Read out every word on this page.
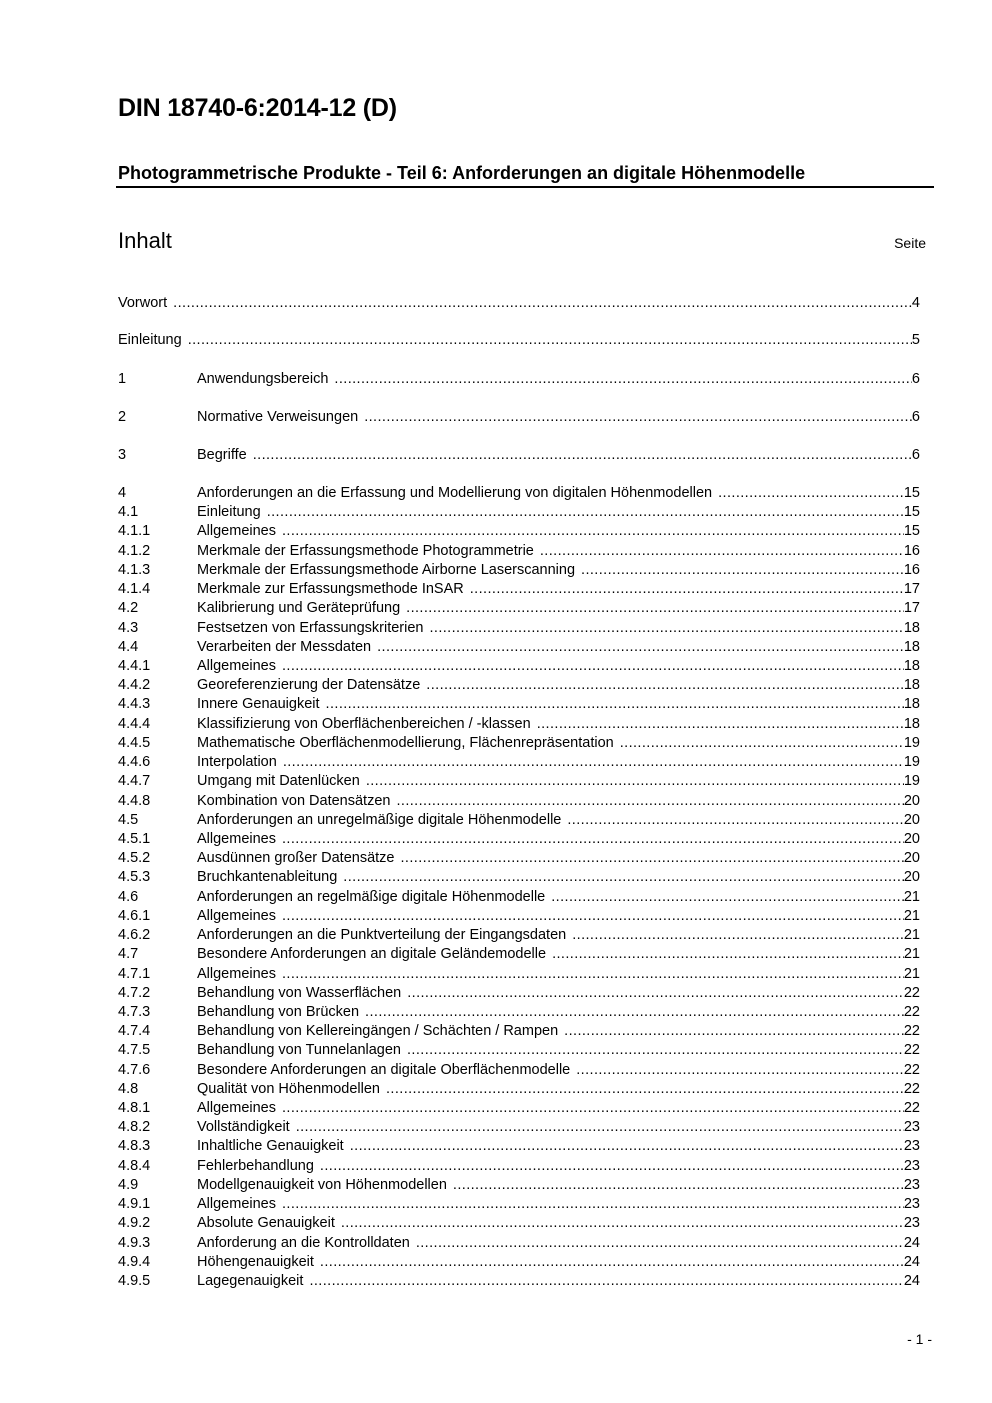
DIN 18740-6:2014-12 (D)
Photogrammetrische Produkte - Teil 6: Anforderungen an digitale Höhenmodelle
Inhalt	Seite
Vorwort .....	4
Einleitung .....	5
1	Anwendungsbereich .....	6
2	Normative Verweisungen .....	6
3	Begriffe .....	6
4	Anforderungen an die Erfassung und Modellierung von digitalen Höhenmodellen .....	15
4.1	Einleitung .....	15
4.1.1	Allgemeines .....	15
4.1.2	Merkmale der Erfassungsmethode Photogrammetrie .....	16
4.1.3	Merkmale der Erfassungsmethode Airborne Laserscanning .....	16
4.1.4	Merkmale zur Erfassungsmethode InSAR .....	17
4.2	Kalibrierung und Geräteprüfung .....	17
4.3	Festsetzen von Erfassungskriterien .....	18
4.4	Verarbeiten der Messdaten .....	18
4.4.1	Allgemeines .....	18
4.4.2	Georeferenzierung der Datensätze .....	18
4.4.3	Innere Genauigkeit .....	18
4.4.4	Klassifizierung von Oberflächenbereichen / -klassen .....	18
4.4.5	Mathematische Oberflächenmodellierung, Flächenrepräsentation .....	19
4.4.6	Interpolation .....	19
4.4.7	Umgang mit Datenlücken .....	19
4.4.8	Kombination von Datensätzen .....	20
4.5	Anforderungen an unregelmäßige digitale Höhenmodelle .....	20
4.5.1	Allgemeines .....	20
4.5.2	Ausdünnen großer Datensätze .....	20
4.5.3	Bruchkantenableitung .....	20
4.6	Anforderungen an regelmäßige digitale Höhenmodelle .....	21
4.6.1	Allgemeines .....	21
4.6.2	Anforderungen an die Punktverteilung der Eingangsdaten .....	21
4.7	Besondere Anforderungen an digitale Geländemodelle .....	21
4.7.1	Allgemeines .....	21
4.7.2	Behandlung von Wasserflächen .....	22
4.7.3	Behandlung von Brücken .....	22
4.7.4	Behandlung von Kellereingängen / Schächten / Rampen .....	22
4.7.5	Behandlung von Tunnelanlagen .....	22
4.7.6	Besondere Anforderungen an digitale Oberflächenmodelle .....	22
4.8	Qualität von Höhenmodellen .....	22
4.8.1	Allgemeines .....	22
4.8.2	Vollständigkeit .....	23
4.8.3	Inhaltliche Genauigkeit .....	23
4.8.4	Fehlerbehandlung .....	23
4.9	Modellgenauigkeit von Höhenmodellen .....	23
4.9.1	Allgemeines .....	23
4.9.2	Absolute Genauigkeit .....	23
4.9.3	Anforderung an die Kontrolldaten .....	24
4.9.4	Höhengenauigkeit .....	24
4.9.5	Lagegenauigkeit .....	24
- 1 -
